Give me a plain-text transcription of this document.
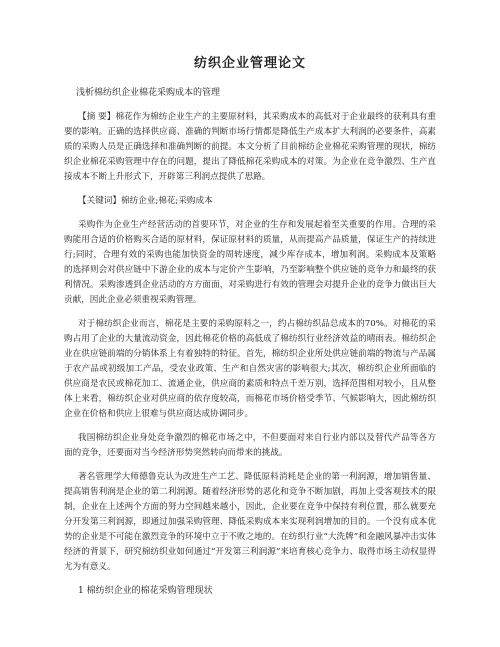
纺织企业管理论文
浅析棉纺织企业棉花采购成本的管理

【摘 要】棉花作为棉纺企业生产的主要原材料，其采购成本的高低对于企业最终的获利具有重要的影响。正确的选择供应商、准确的判断市场行情都是降低生产成本扩大利润的必要条件，高素质的采购人员是正确选择和准确判断的前提。本文分析了目前棉纺企业棉花采购管理的现状，棉纺织企业棉花采购管理中存在的问题，提出了降低棉花采购成本的对策。为企业在竞争激烈、生产直接成本不断上升形式下，开辟第三利润点提供了思路。

【关键词】棉纺企业;棉花;采购成本

采购作为企业生产经营活动的首要环节，对企业的生存和发展起着至关重要的作用。合理的采购能用合适的价格购买合适的原材料，保证原材料的质量，从而提高产品质量，保证生产的持续进行;同时，合理有效的采购也能加快资金的周转速度，减少库存成本，增加利润。采购成本及策略的选择则会对供应链中下游企业的成本与定价产生影响，乃至影响整个供应链的竞争力和最终的获利情况。采购渗透到企业活动的方方面面，对采购进行有效的管理会对提升企业的竞争力做出巨大贡献，因此企业必须重视采购管理。

对于棉纺织企业而言，棉花是主要的采购原料之一，约占棉纺织品总成本的70%。对棉花的采购占用了企业的大量流动资金，因此棉花价格的高低成了棉纺织行业经济效益的晴雨表。棉纺织企业在供应链前端的分销体系上有着独特的特征。首先，棉纺织企业所处供应链前端的物流与产品属于农产品或初级加工产品，受农业政策、生产和自然灾害的影响很大;其次，棉纺织企业所面临的供应商是农民或棉花加工、流通企业，供应商的素质和特点千差万别，选择范围相对较小，且从整体上来看，棉纺织企业对供应商的依存度较高，而棉花市场价格受季节、气候影响大，因此棉纺织企业在价格和供应上很难与供应商达成协调同步。

我国棉纺织企业身处竞争激烈的棉花市场之中，不但要面对来自行业内部以及替代产品等各方面的竞争，还要面对当今经济形势突然转向而带来的挑战。

著名管理学大师德鲁克认为改进生产工艺、降低原料消耗是企业的第一利润源，增加销售量、提高销售利润是企业的第二利润源。随着经济形势的恶化和竞争不断加剧，再加上受客观技术的限制，企业在上述两个方面的努力空间越来越小，因此，企业要在竞争中保持有利位置，那么就要充分开发第三利润源，即通过加强采购管理、降低采购成本来实现利润增加的目的。一个没有成本优势的企业是不可能在激烈竞争的环境中立于不败之地的。在纺织行业“大洗牌”和金融风暴冲击实体经济的背景下，研究棉纺织业如何通过“开发第三利润源”来培育核心竞争力、取得市场主动权显得尤为有意义。

1 棉纺织企业的棉花采购管理现状
